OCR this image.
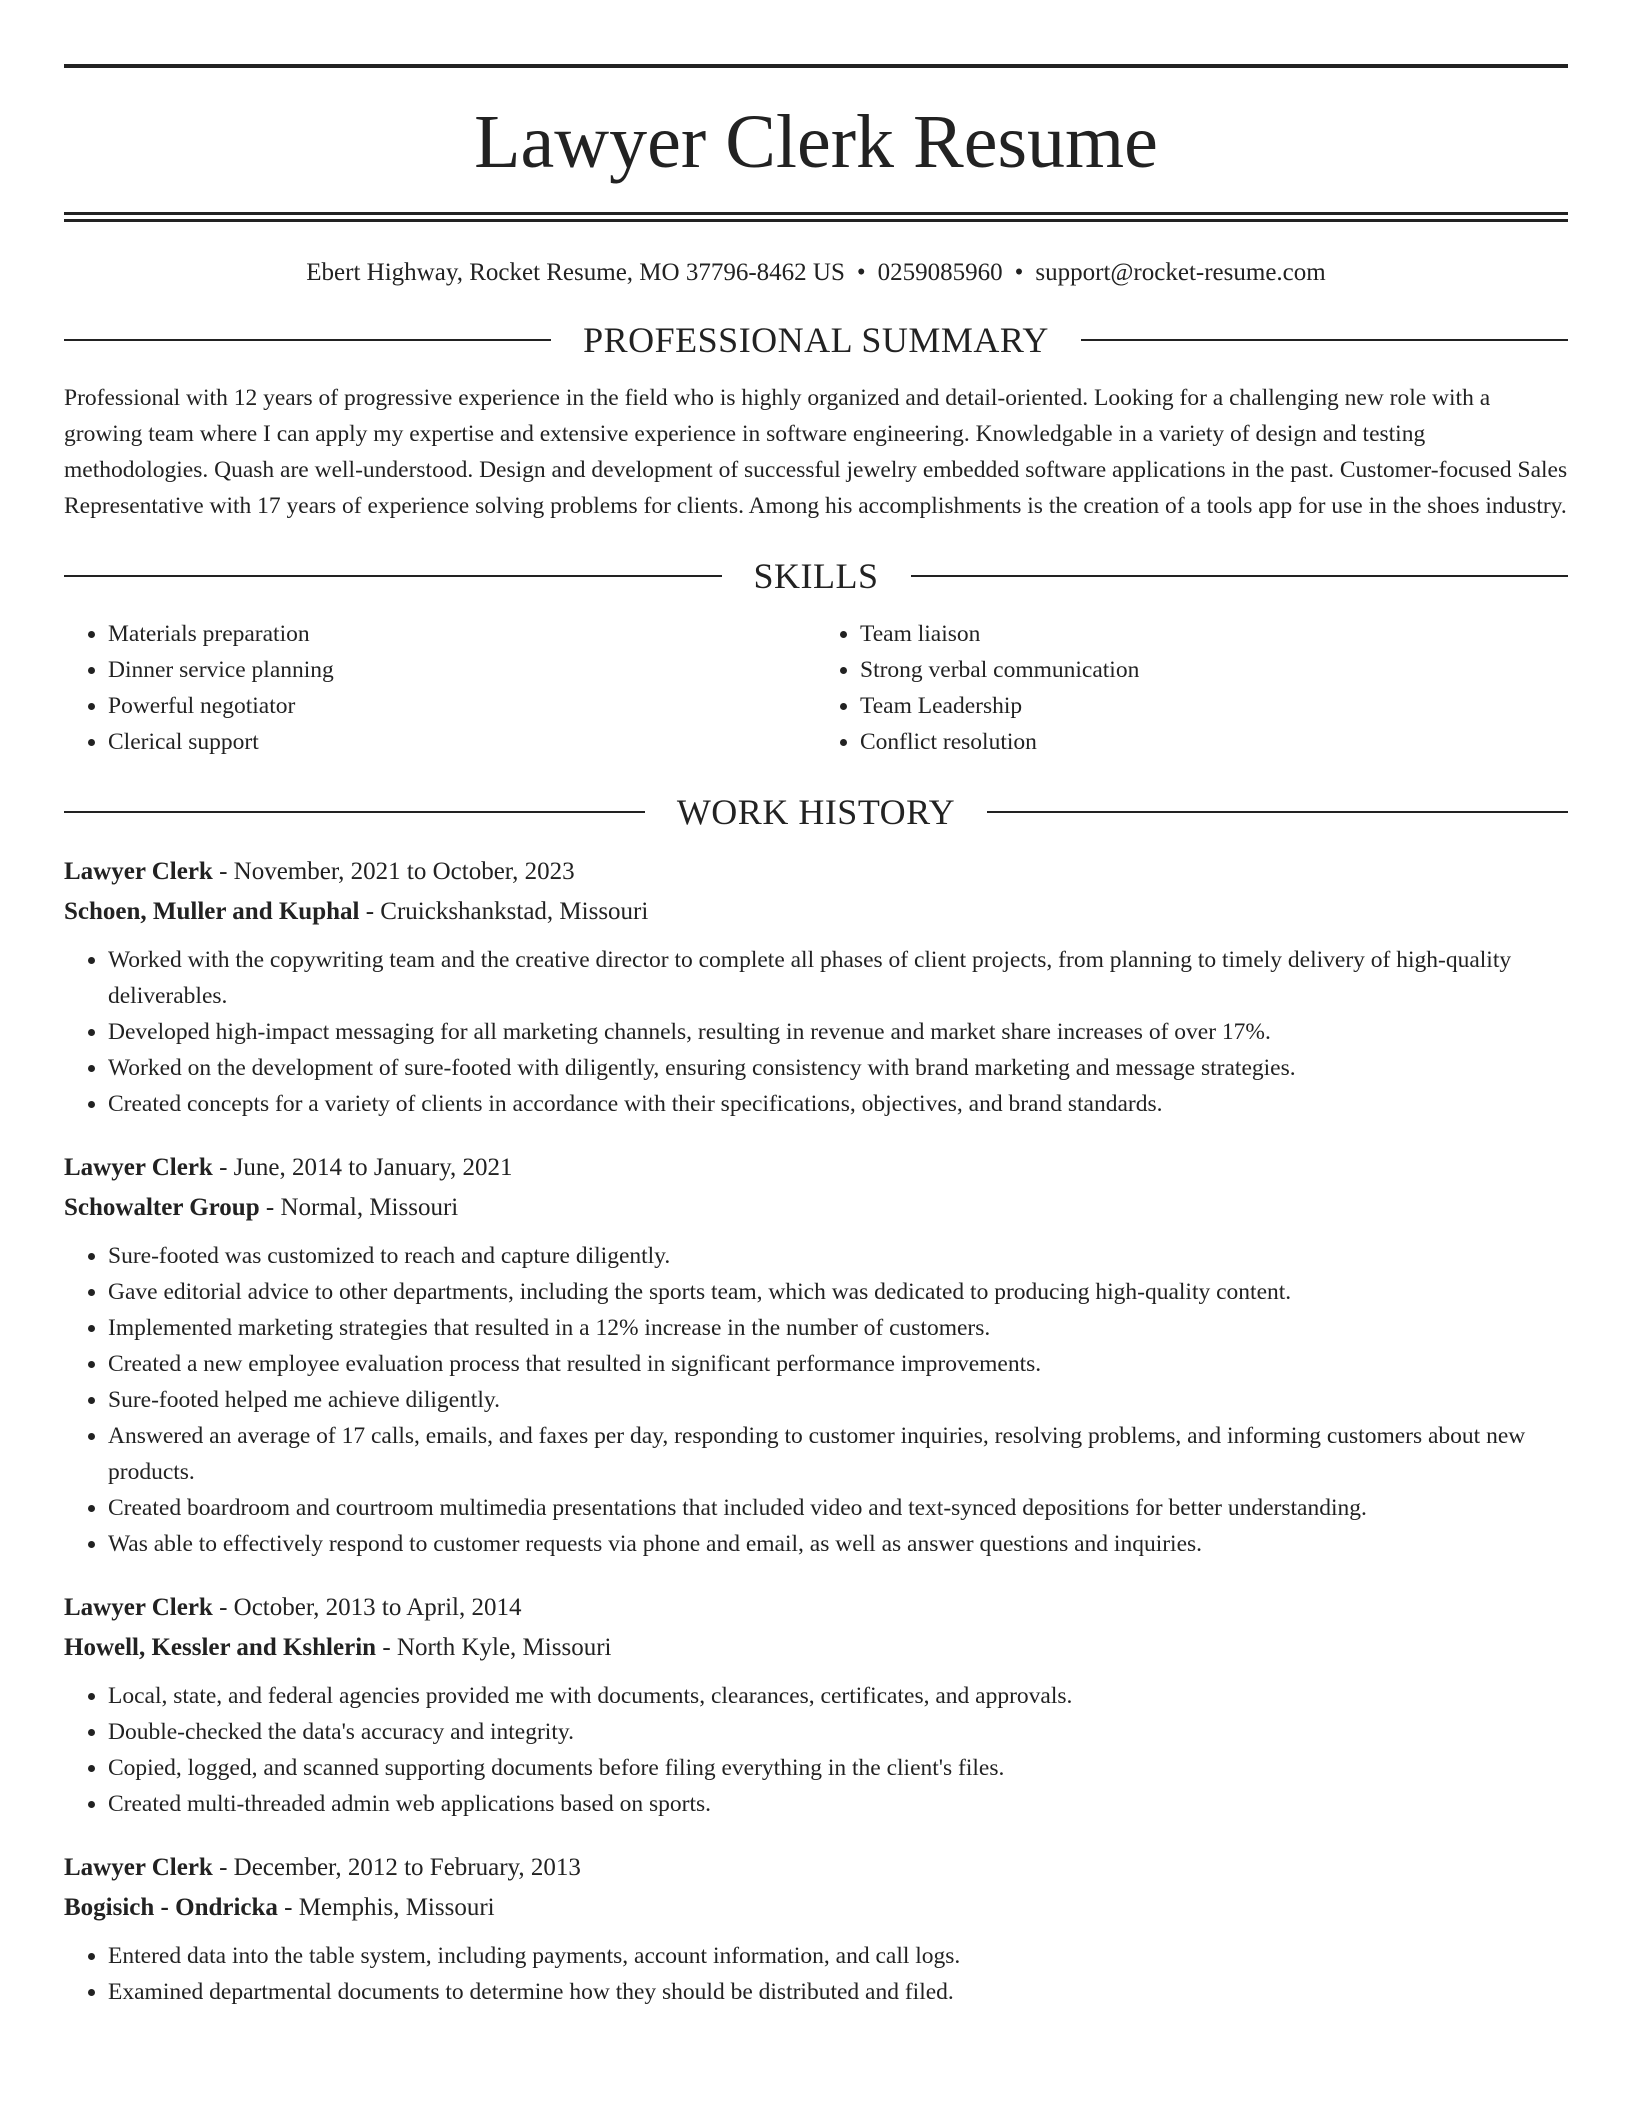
Lawyer Clerk Resume
Ebert Highway, Rocket Resume, MO 37796-8462 US • 0259085960 • support@rocket-resume.com
PROFESSIONAL SUMMARY

Professional with 12 years of progressive experience in the field who is highly organized and detail-oriented. Looking for a challenging new role with a growing team where I can apply my expertise and extensive experience in software engineering. Knowledgable in a variety of design and testing methodologies. Quash are well-understood. Design and development of successful jewelry embedded software applications in the past. Customer-focused Sales Representative with 17 years of experience solving problems for clients. Among his accomplishments is the creation of a tools app for use in the shoes industry.

SKILLS
• Materials preparation
• Dinner service planning
• Powerful negotiator
• Clerical support
• Team liaison
• Strong verbal communication
• Team Leadership
• Conflict resolution
WORK HISTORY
Lawyer Clerk - November, 2021 to October, 2023
Schoen, Muller and Kuphal - Cruickshankstad, Missouri
• Worked with the copywriting team and the creative director to complete all phases of client projects, from planning to timely delivery of high-quality deliverables.
• Developed high-impact messaging for all marketing channels, resulting in revenue and market share increases of over 17%.
• Worked on the development of sure-footed with diligently, ensuring consistency with brand marketing and message strategies.
• Created concepts for a variety of clients in accordance with their specifications, objectives, and brand standards.
Lawyer Clerk - June, 2014 to January, 2021
Schowalter Group - Normal, Missouri
• Sure-footed was customized to reach and capture diligently.
• Gave editorial advice to other departments, including the sports team, which was dedicated to producing high-quality content.
• Implemented marketing strategies that resulted in a 12% increase in the number of customers.
• Created a new employee evaluation process that resulted in significant performance improvements.
• Sure-footed helped me achieve diligently.
• Answered an average of 17 calls, emails, and faxes per day, responding to customer inquiries, resolving problems, and informing customers about new products.
• Created boardroom and courtroom multimedia presentations that included video and text-synced depositions for better understanding.
• Was able to effectively respond to customer requests via phone and email, as well as answer questions and inquiries.
Lawyer Clerk - October, 2013 to April, 2014
Howell, Kessler and Kshlerin - North Kyle, Missouri
• Local, state, and federal agencies provided me with documents, clearances, certificates, and approvals.
• Double-checked the data's accuracy and integrity.
• Copied, logged, and scanned supporting documents before filing everything in the client's files.
• Created multi-threaded admin web applications based on sports.
Lawyer Clerk - December, 2012 to February, 2013
Bogisich - Ondricka - Memphis, Missouri
• Entered data into the table system, including payments, account information, and call logs.
• Examined departmental documents to determine how they should be distributed and filed.
